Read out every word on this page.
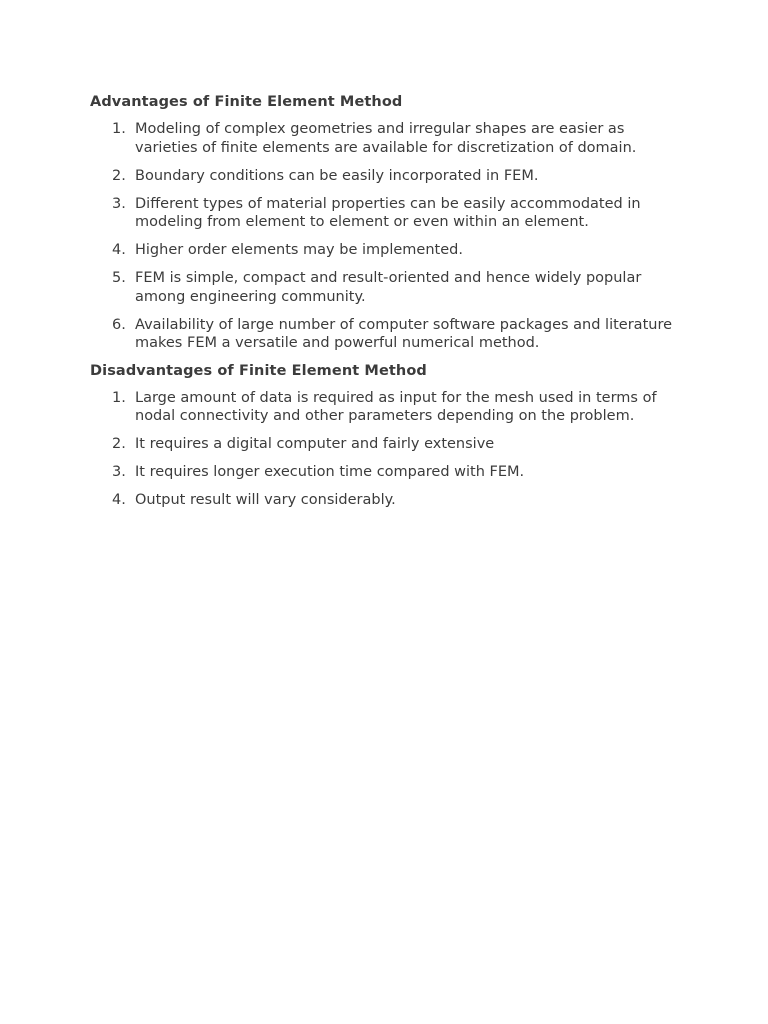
Advantages of Finite Element Method
1. Modeling of complex geometries and irregular shapes are easier as varieties of finite elements are available for discretization of domain.
2. Boundary conditions can be easily incorporated in FEM.
3. Different types of material properties can be easily accommodated in modeling from element to element or even within an element.
4. Higher order elements may be implemented.
5. FEM is simple, compact and result-oriented and hence widely popular among engineering community.
6. Availability of large number of computer software packages and literature makes FEM a versatile and powerful numerical method.
Disadvantages of Finite Element Method
1. Large amount of data is required as input for the mesh used in terms of nodal connectivity and other parameters depending on the problem.
2. It requires a digital computer and fairly extensive
3. It requires longer execution time compared with FEM.
4. Output result will vary considerably.
